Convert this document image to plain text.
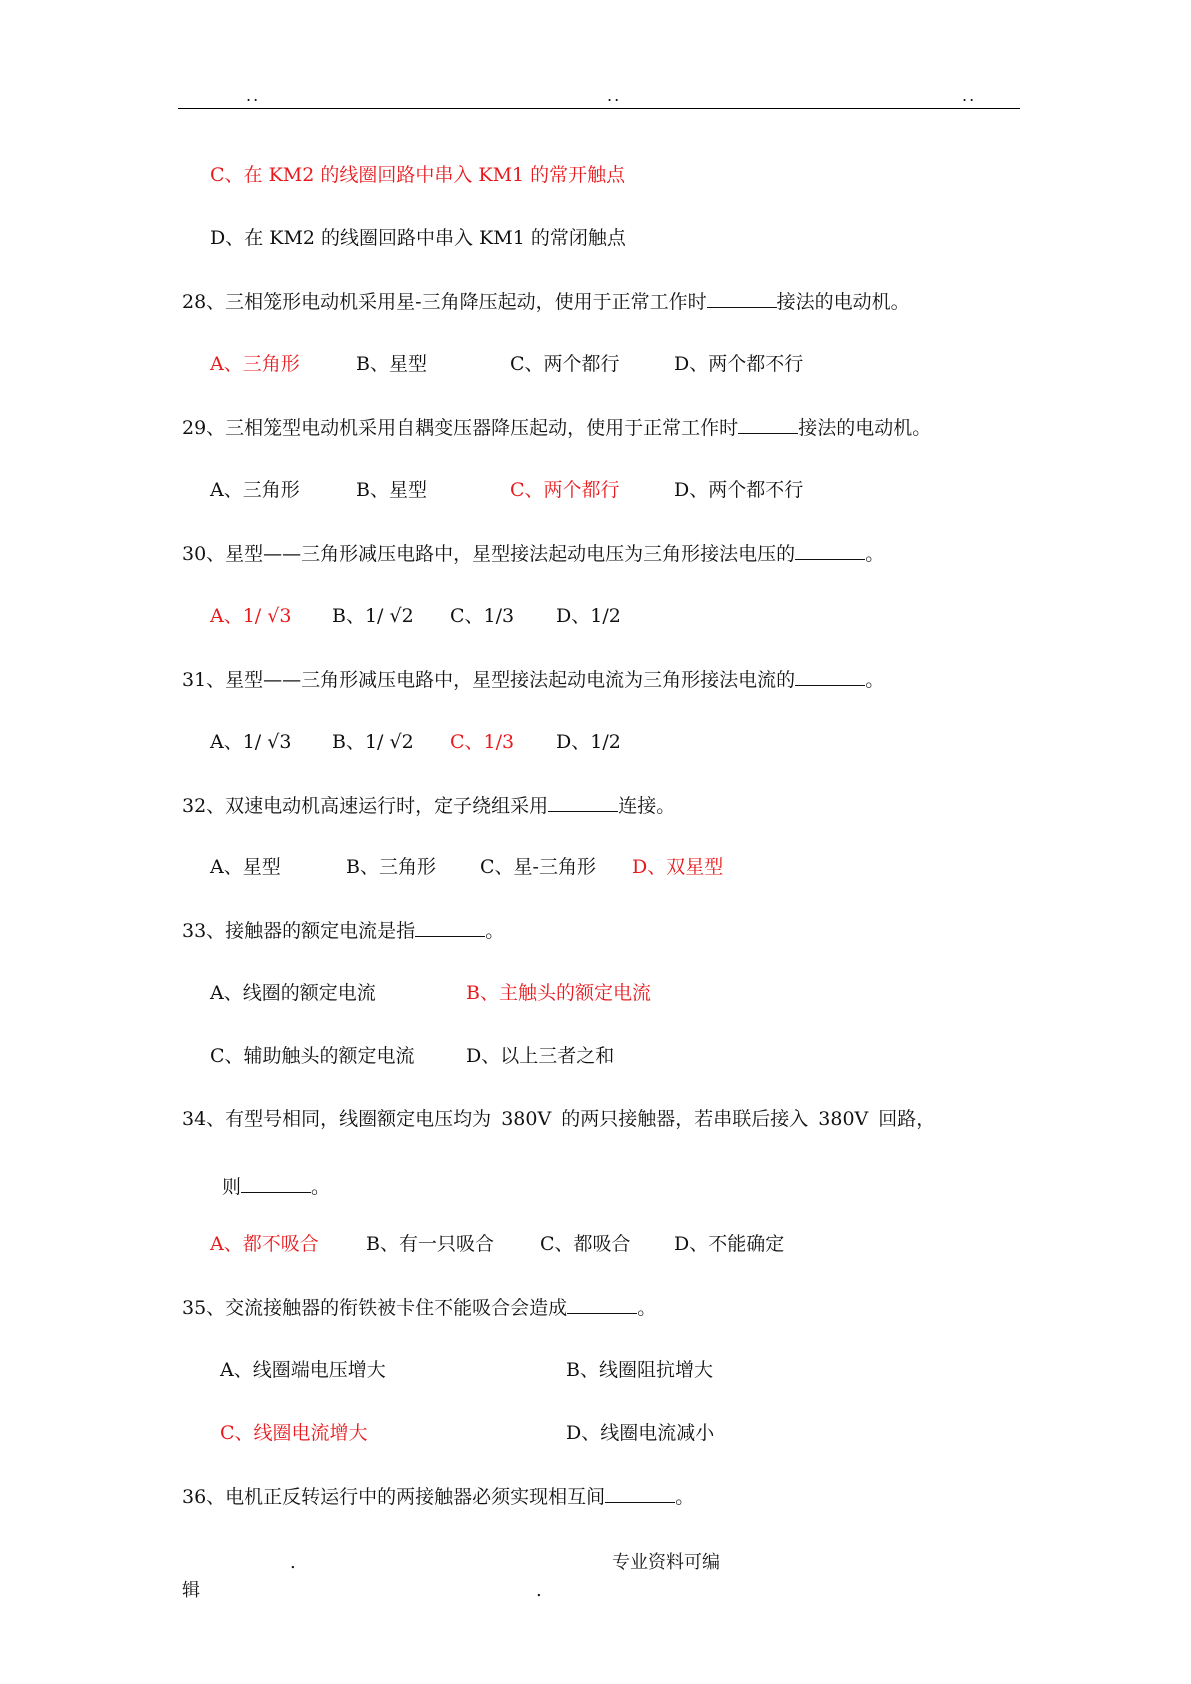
..	..	..
C、在 KM2 的线圈回路中串入 KM1 的常开触点
D、在 KM2 的线圈回路中串入 KM1 的常闭触点
28、三相笼形电动机采用星-三角降压起动，使用于正常工作时	接法的电动机。
A、三角形	B、星型	C、两个都行	D、两个都不行
29、三相笼型电动机采用自耦变压器降压起动，使用于正常工作时	接法的电动机。
A、三角形	B、星型	C、两个都行	D、两个都不行
30、星型——三角形减压电路中，星型接法起动电压为三角形接法电压的	。
A、1/ √3 B、1/ √2 C、1/3 D、1/2
31、星型——三角形减压电路中，星型接法起动电流为三角形接法电流的	。
A、1/ √3 B、1/ √2 C、1/3 D、1/2
32、双速电动机高速运行时，定子绕组采用	连接。
A、星型	B、三角形 C、星-三角形 D、双星型
33、接触器的额定电流是指	。
A、线圈的额定电流	B、主触头的额定电流
C、辅助触头的额定电流	D、以上三者之和
34、有型号相同，线圈额定电压均为 380V 的两只接触器，若串联后接入 380V 回路，
则	。
A、都不吸合 B、有一只吸合 C、都吸合 D、不能确定
35、交流接触器的衔铁被卡住不能吸合会造成	。
A、线圈端电压增大	B、线圈阻抗增大
C、线圈电流增大	D、线圈电流减小
36、电机正反转运行中的两接触器必须实现相互间	。
.	专业资料可编
辑	.
